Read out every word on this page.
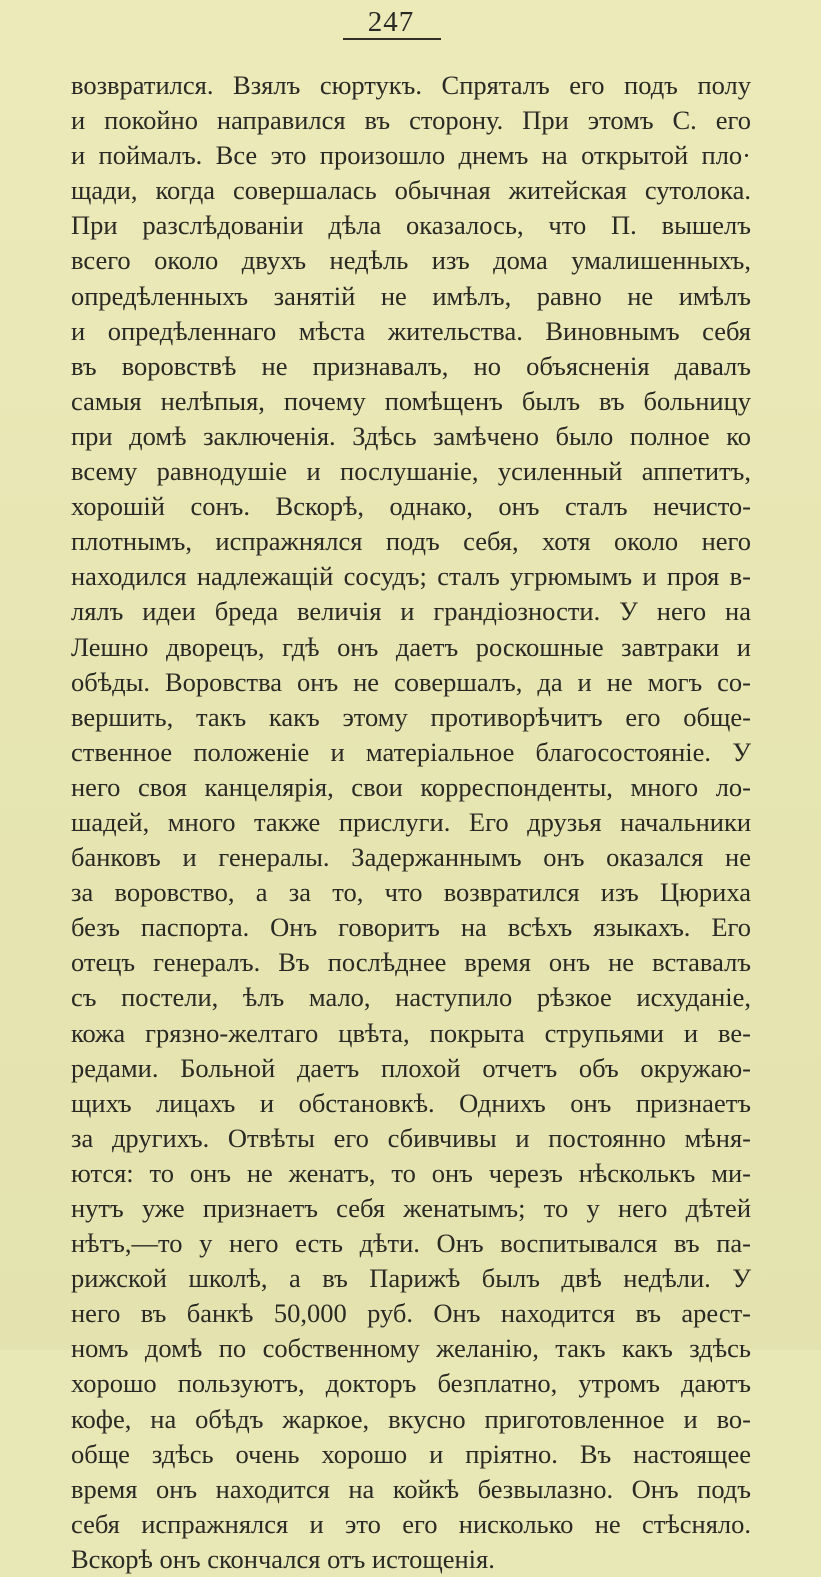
247
возвратился. Взялъ сюртукъ. Спряталъ его подъ полу
и покойно направился въ сторону. При этомъ С. его
и поймалъ. Все это произошло днемъ на открытой пло·
щади, когда совершалась обычная житейская сутолока.
При разслѣдованіи дѣла оказалось, что П. вышелъ
всего около двухъ недѣль изъ дома умалишенныхъ,
опредѣленныхъ занятій не имѣлъ, равно не имѣлъ
и опредѣленнаго мѣста жительства. Виновнымъ себя
въ воровствѣ не признавалъ, но объясненія давалъ
самыя нелѣпыя, почему помѣщенъ былъ въ больницу
при домѣ заключенія. Здѣсь замѣчено было полное ко
всему равнодушіе и послушаніе, усиленный аппетитъ,
хорошій сонъ. Вскорѣ, однако, онъ сталъ нечисто-
плотнымъ, испражнялся подъ себя, хотя около него
находился надлежащій сосудъ; сталъ угрюмымъ и проя в-
лялъ идеи бреда величія и грандіозности. У него на
Лешно дворецъ, гдѣ онъ даетъ роскошные завтраки и
обѣды. Воровства онъ не совершалъ, да и не могъ со-
вершить, такъ какъ этому противорѣчитъ его обще-
ственное положеніе и матеріальное благосостояніе. У
него своя канцелярія, свои корреспонденты, много ло-
шадей, много также прислуги. Его друзья начальники
банковъ и генералы. Задержаннымъ онъ оказался не
за воровство, а за то, что возвратился изъ Цюриха
безъ паспорта. Онъ говоритъ на всѣхъ языкахъ. Его
отецъ генералъ. Въ послѣднее время онъ не вставалъ
съ постели, ѣлъ мало, наступило рѣзкое исхуданіе,
кожа грязно-желтаго цвѣта, покрыта струпьями и ве-
редами. Больной даетъ плохой отчетъ объ окружаю-
щихъ лицахъ и обстановкѣ. Однихъ онъ признаетъ
за другихъ. Отвѣты его сбивчивы и постоянно мѣня-
ются: то онъ не женатъ, то онъ черезъ нѣсколькъ ми-
нутъ уже признаетъ себя женатымъ; то у него дѣтей
нѣтъ,—то у него есть дѣти. Онъ воспитывался въ па-
рижской школѣ, а въ Парижѣ былъ двѣ недѣли. У
него въ банкѣ 50,000 руб. Онъ находится въ арест-
номъ домѣ по собственному желанію, такъ какъ здѣсь
хорошо пользуютъ, докторъ безплатно, утромъ даютъ
кофе, на обѣдъ жаркое, вкусно приготовленное и во-
обще здѣсь очень хорошо и пріятно. Въ настоящее
время онъ находится на койкѣ безвылазно. Онъ подъ
себя испражнялся и это его нисколько не стѣсняло.
Вскорѣ онъ скончался отъ истощенія.
